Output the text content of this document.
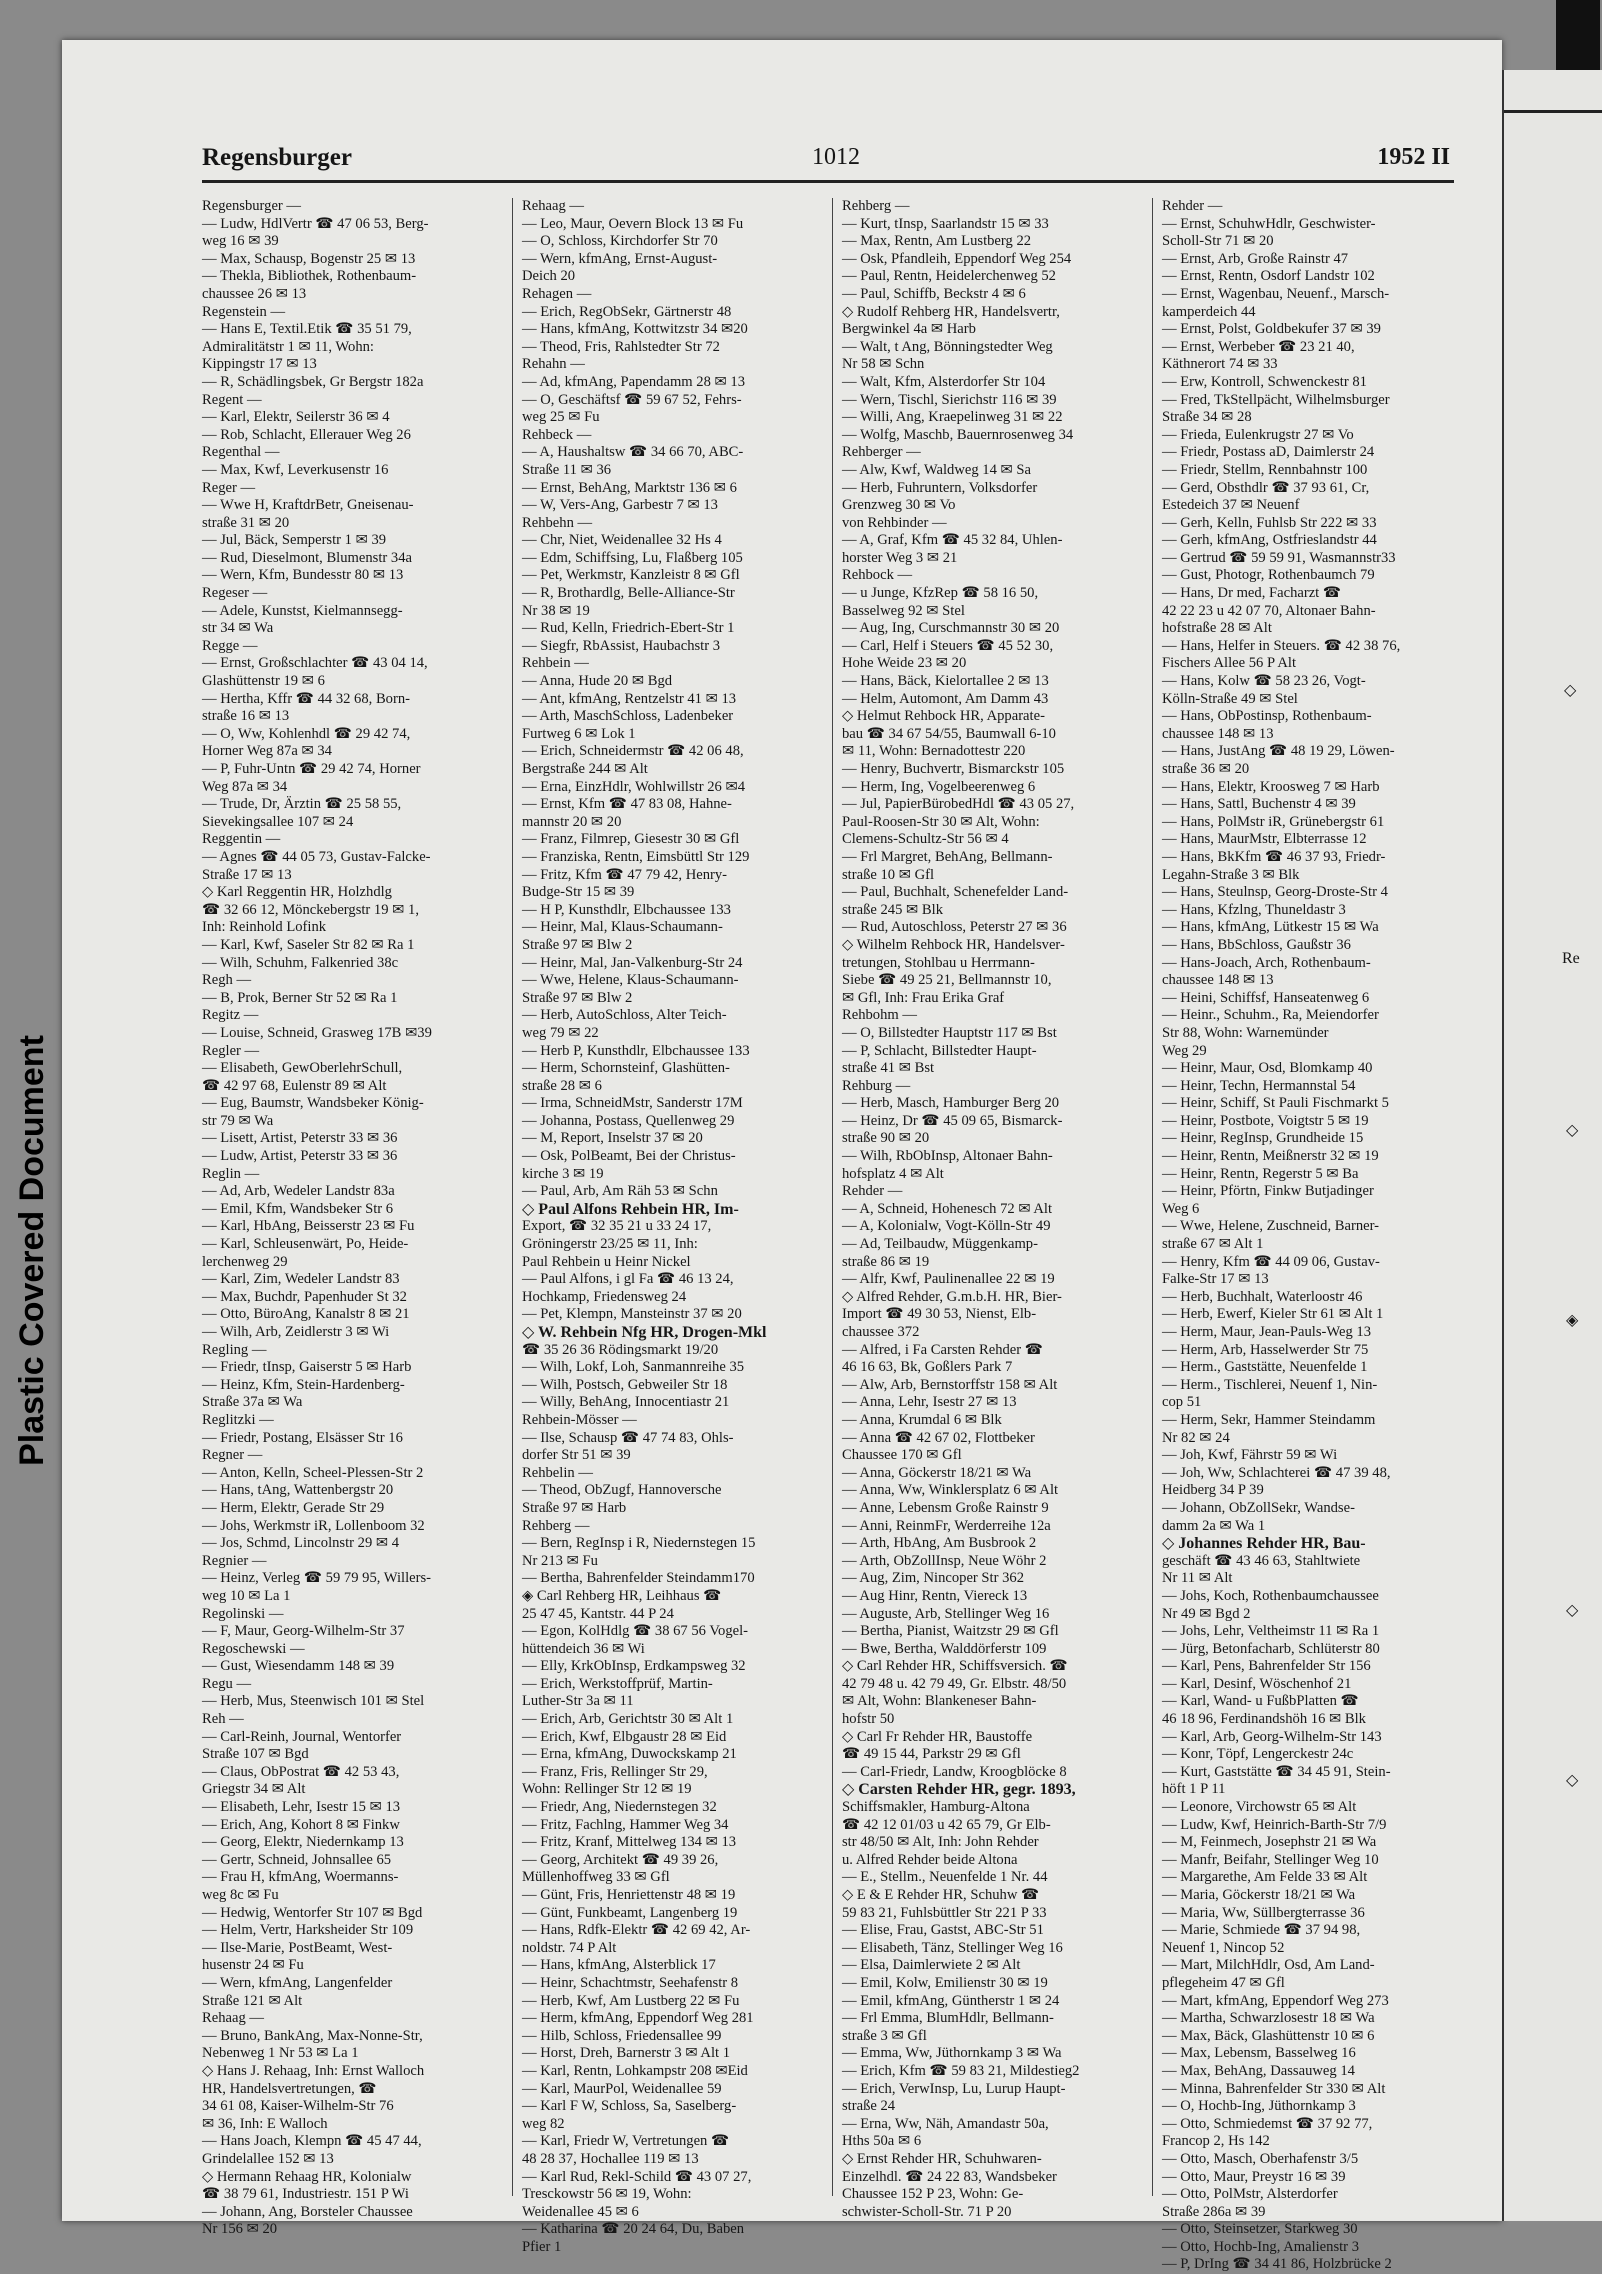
Regensburger	1012	1952 II
Regensburger —
— Ludw, HdlVertr ☎ 47 06 53, Berg-
weg 16 ✉ 39
— Max, Schausp, Bogenstr 25 ✉ 13
— Thekla, Bibliothek, Rothenbaum-
chaussee 26 ✉ 13
Regenstein —
— Hans E, Textil.Etik ☎ 35 51 79,
Admiralitätstr 1 ✉ 11, Wohn:
Kippingstr 17 ✉ 13
— R, Schädlingsbek, Gr Bergstr 182a
Regent —
— Karl, Elektr, Seilerstr 36 ✉ 4
— Rob, Schlacht, Ellerauer Weg 26
Regenthal —
— Max, Kwf, Leverkusenstr 16
Reger —
— Wwe H, KraftdrBetr, Gneisenau-
straße 31 ✉ 20
— Jul, Bäck, Semperstr 1 ✉ 39
— Rud, Dieselmont, Blumenstr 34a
— Wern, Kfm, Bundesstr 80 ✉ 13
Regeser —
— Adele, Kunstst, Kielmannsegg-
str 34 ✉ Wa
Regge —
— Ernst, Großschlachter ☎ 43 04 14,
Glashüttenstr 19 ✉ 6
— Hertha, Kffr ☎ 44 32 68, Born-
straße 16 ✉ 13
— O, Ww, Kohlenhdl ☎ 29 42 74,
Horner Weg 87a ✉ 34
— P, Fuhr-Untn ☎ 29 42 74, Horner
Weg 87a ✉ 34
— Trude, Dr, Ärztin ☎ 25 58 55,
Sievekingsallee 107 ✉ 24
Reggentin —
— Agnes ☎ 44 05 73, Gustav-Falcke-
Straße 17 ✉ 13
◇ Karl Reggentin HR, Holzhdlg
☎ 32 66 12, Mönckebergstr 19 ✉ 1,
Inh: Reinhold Lofink
— Karl, Kwf, Saseler Str 82 ✉ Ra 1
— Wilh, Schuhm, Falkenried 38c
Regh —
— B, Prok, Berner Str 52 ✉ Ra 1
Regitz —
— Louise, Schneid, Grasweg 17B ✉39
Regler —
— Elisabeth, GewOberlehrSchull,
☎ 42 97 68, Eulenstr 89 ✉ Alt
— Eug, Baumstr, Wandsbeker König-
str 79 ✉ Wa
— Lisett, Artist, Peterstr 33 ✉ 36
— Ludw, Artist, Peterstr 33 ✉ 36
Reglin —
— Ad, Arb, Wedeler Landstr 83a
— Emil, Kfm, Wandsbeker Str 6
— Karl, HbAng, Beisserstr 23 ✉ Fu
— Karl, Schleusenwärt, Po, Heide-
lerchenweg 29
— Karl, Zim, Wedeler Landstr 83
— Max, Buchdr, Papenhuder St 32
— Otto, BüroAng, Kanalstr 8 ✉ 21
— Wilh, Arb, Zeidlerstr 3 ✉ Wi
Regling —
— Friedr, tInsp, Gaiserstr 5 ✉ Harb
— Heinz, Kfm, Stein-Hardenberg-
Straße 37a ✉ Wa
Reglitzki —
— Friedr, Postang, Elsässer Str 16
Regner —
— Anton, Kelln, Scheel-Plessen-Str 2
— Hans, tAng, Wattenbergstr 20
— Herm, Elektr, Gerade Str 29
— Johs, Werkmstr iR, Lollenboom 32
— Jos, Schmd, Lincolnstr 29 ✉ 4
Regnier —
— Heinz, Verleg ☎ 59 79 95, Willers-
weg 10 ✉ La 1
Regolinski —
— F, Maur, Georg-Wilhelm-Str 37
Regoschewski —
— Gust, Wiesendamm 148 ✉ 39
Regu —
— Herb, Mus, Steenwisch 101 ✉ Stel
Reh —
— Carl-Reinh, Journal, Wentorfer
Straße 107 ✉ Bgd
— Claus, ObPostrat ☎ 42 53 43,
Griegstr 34 ✉ Alt
— Elisabeth, Lehr, Isestr 15 ✉ 13
— Erich, Ang, Kohort 8 ✉ Finkw
— Georg, Elektr, Niedernkamp 13
— Gertr, Schneid, Johnsallee 65
— Frau H, kfmAng, Woermanns-
weg 8c ✉ Fu
— Hedwig, Wentorfer Str 107 ✉ Bgd
— Helm, Vertr, Harksheider Str 109
— Ilse-Marie, PostBeamt, West-
husenstr 24 ✉ Fu
— Wern, kfmAng, Langenfelder
Straße 121 ✉ Alt
Rehaag —
— Bruno, BankAng, Max-Nonne-Str,
Nebenweg 1 Nr 53 ✉ La 1
◇ Hans J. Rehaag, Inh: Ernst Walloch
HR, Handelsvertretungen, ☎
34 61 08, Kaiser-Wilhelm-Str 76
✉ 36, Inh: E Walloch
— Hans Joach, Klempn ☎ 45 47 44,
Grindelallee 152 ✉ 13
◇ Hermann Rehaag HR, Kolonialw
☎ 38 79 61, Industriestr. 151 P Wi
— Johann, Ang, Borsteler Chaussee
Nr 156 ✉ 20
Rehaag —
— Leo, Maur, Oevern Block 13 ✉ Fu
— O, Schloss, Kirchdorfer Str 70
— Wern, kfmAng, Ernst-August-
Deich 20
Rehagen —
— Erich, RegObSekr, Gärtnerstr 48
— Hans, kfmAng, Kottwitzstr 34 ✉20
— Theod, Fris, Rahlstedter Str 72
Rehahn —
— Ad, kfmAng, Papendamm 28 ✉ 13
— O, Geschäftsf ☎ 59 67 52, Fehrs-
weg 25 ✉ Fu
Rehbeck —
— A, Haushaltsw ☎ 34 66 70, ABC-
Straße 11 ✉ 36
— Ernst, BehAng, Marktstr 136 ✉ 6
— W, Vers-Ang, Garbestr 7 ✉ 13
Rehbehn —
— Chr, Niet, Weidenallee 32 Hs 4
— Edm, Schiffsing, Lu, Flaßberg 105
— Pet, Werkmstr, Kanzleistr 8 ✉ Gfl
— R, Brothardlg, Belle-Alliance-Str
Nr 38 ✉ 19
— Rud, Kelln, Friedrich-Ebert-Str 1
— Siegfr, RbAssist, Haubachstr 3
Rehbein —
— Anna, Hude 20 ✉ Bgd
— Ant, kfmAng, Rentzelstr 41 ✉ 13
— Arth, MaschSchloss, Ladenbeker
Furtweg 6 ✉ Lok 1
— Erich, Schneidermstr ☎ 42 06 48,
Bergstraße 244 ✉ Alt
— Erna, EinzHdlr, Wohlwillstr 26 ✉4
— Ernst, Kfm ☎ 47 83 08, Hahne-
mannstr 20 ✉ 20
— Franz, Filmrep, Giesestr 30 ✉ Gfl
— Franziska, Rentn, Eimsbüttl Str 129
— Fritz, Kfm ☎ 47 79 42, Henry-
Budge-Str 15 ✉ 39
— H P, Kunsthdlr, Elbchaussee 133
— Heinr, Mal, Klaus-Schaumann-
Straße 97 ✉ Blw 2
— Heinr, Mal, Jan-Valkenburg-Str 24
— Wwe, Helene, Klaus-Schaumann-
Straße 97 ✉ Blw 2
— Herb, AutoSchloss, Alter Teich-
weg 79 ✉ 22
— Herb P, Kunsthdlr, Elbchaussee 133
— Herm, Schornsteinf, Glashütten-
straße 28 ✉ 6
— Irma, SchneidMstr, Sanderstr 17M
— Johanna, Postass, Quellenweg 29
— M, Report, Inselstr 37 ✉ 20
— Osk, PolBeamt, Bei der Christus-
kirche 3 ✉ 19
— Paul, Arb, Am Räh 53 ✉ Schn
◇ Paul Alfons Rehbein HR, Im-
Export, ☎ 32 35 21 u 33 24 17,
Gröningerstr 23/25 ✉ 11, Inh:
Paul Rehbein u Heinr Nickel
— Paul Alfons, i gl Fa ☎ 46 13 24,
Hochkamp, Friedensweg 24
— Pet, Klempn, Mansteinstr 37 ✉ 20
◇ W. Rehbein Nfg HR, Drogen-Mkl
☎ 35 26 36 Rödingsmarkt 19/20
— Wilh, Lokf, Loh, Sanmannreihe 35
— Wilh, Postsch, Gebweiler Str 18
— Willy, BehAng, Innocentiastr 21
Rehbein-Mösser —
— Ilse, Schausp ☎ 47 74 83, Ohls-
dorfer Str 51 ✉ 39
Rehbelin —
— Theod, ObZugf, Hannoversche
Straße 97 ✉ Harb
Rehberg —
— Bern, RegInsp i R, Niedernstegen 15
Nr 213 ✉ Fu
— Bertha, Bahrenfelder Steindamm170
◈ Carl Rehberg HR, Leihhaus ☎
25 47 45, Kantstr. 44 P 24
— Egon, KolHdlg ☎ 38 67 56 Vogel-
hüttendeich 36 ✉ Wi
— Elly, KrkObInsp, Erdkampsweg 32
— Erich, Werkstoffprüf, Martin-
Luther-Str 3a ✉ 11
— Erich, Arb, Gerichtstr 30 ✉ Alt 1
— Erich, Kwf, Elbgaustr 28 ✉ Eid
— Erna, kfmAng, Duwockskamp 21
— Franz, Fris, Rellinger Str 29,
Wohn: Rellinger Str 12 ✉ 19
— Friedr, Ang, Niedernstegen 32
— Fritz, Fachlng, Hammer Weg 34
— Fritz, Kranf, Mittelweg 134 ✉ 13
— Georg, Architekt ☎ 49 39 26,
Müllenhoffweg 33 ✉ Gfl
— Günt, Fris, Henriettenstr 48 ✉ 19
— Günt, Funkbeamt, Langenberg 19
— Hans, Rdfk-Elektr ☎ 42 69 42, Ar-
noldstr. 74 P Alt
— Hans, kfmAng, Alsterblick 17
— Heinr, Schachtmstr, Seehafenstr 8
— Herb, Kwf, Am Lustberg 22 ✉ Fu
— Herm, kfmAng, Eppendorf Weg 281
— Hilb, Schloss, Friedensallee 99
— Horst, Dreh, Barnerstr 3 ✉ Alt 1
— Karl, Rentn, Lohkampstr 208 ✉Eid
— Karl, MaurPol, Weidenallee 59
— Karl F W, Schloss, Sa, Saselberg-
weg 82
— Karl, Friedr W, Vertretungen ☎
48 28 37, Hochallee 119 ✉ 13
— Karl Rud, Rekl-Schild ☎ 43 07 27,
Tresckowstr 56 ✉ 19, Wohn:
Weidenallee 45 ✉ 6
— Katharina ☎ 20 24 64, Du, Baben
Pfier 1
Rehberg —
— Kurt, tInsp, Saarlandstr 15 ✉ 33
— Max, Rentn, Am Lustberg 22
— Osk, Pfandleih, Eppendorf Weg 254
— Paul, Rentn, Heidelerchenweg 52
— Paul, Schiffb, Beckstr 4 ✉ 6
◇ Rudolf Rehberg HR, Handelsvertr,
Bergwinkel 4a ✉ Harb
— Walt, t Ang, Bönningstedter Weg
Nr 58 ✉ Schn
— Walt, Kfm, Alsterdorfer Str 104
— Wern, Tischl, Sierichstr 116 ✉ 39
— Willi, Ang, Kraepelinweg 31 ✉ 22
— Wolfg, Maschb, Bauernrosenweg 34
Rehberger —
— Alw, Kwf, Waldweg 14 ✉ Sa
— Herb, Fuhruntern, Volksdorfer
Grenzweg 30 ✉ Vo
von Rehbinder —
— A, Graf, Kfm ☎ 45 32 84, Uhlen-
horster Weg 3 ✉ 21
Rehbock —
— u Junge, KfzRep ☎ 58 16 50,
Basselweg 92 ✉ Stel
— Aug, Ing, Curschmannstr 30 ✉ 20
— Carl, Helf i Steuers ☎ 45 52 30,
Hohe Weide 23 ✉ 20
— Hans, Bäck, Kielortallee 2 ✉ 13
— Helm, Automont, Am Damm 43
◇ Helmut Rehbock HR, Apparate-
bau ☎ 34 67 54/55, Baumwall 6-10
✉ 11, Wohn: Bernadottestr 220
— Henry, Buchvertr, Bismarckstr 105
— Herm, Ing, Vogelbeerenweg 6
— Jul, PapierBürobedHdl ☎ 43 05 27,
Paul-Roosen-Str 30 ✉ Alt, Wohn:
Clemens-Schultz-Str 56 ✉ 4
— Frl Margret, BehAng, Bellmann-
straße 10 ✉ Gfl
— Paul, Buchhalt, Schenefelder Land-
straße 245 ✉ Blk
— Rud, Autoschloss, Peterstr 27 ✉ 36
◇ Wilhelm Rehbock HR, Handelsver-
tretungen, Stohlbau u Herrmann-
Siebe ☎ 49 25 21, Bellmannstr 10,
✉ Gfl, Inh: Frau Erika Graf
Rehbohm —
— O, Billstedter Hauptstr 117 ✉ Bst
— P, Schlacht, Billstedter Haupt-
straße 41 ✉ Bst
Rehburg —
— Herb, Masch, Hamburger Berg 20
— Heinz, Dr ☎ 45 09 65, Bismarck-
straße 90 ✉ 20
— Wilh, RbObInsp, Altonaer Bahn-
hofsplatz 4 ✉ Alt
Rehder —
— A, Schneid, Hohenesch 72 ✉ Alt
— A, Kolonialw, Vogt-Kölln-Str 49
— Ad, Teilbaudw, Müggenkamp-
straße 86 ✉ 19
— Alfr, Kwf, Paulinenallee 22 ✉ 19
◇ Alfred Rehder, G.m.b.H. HR, Bier-
Import ☎ 49 30 53, Nienst, Elb-
chaussee 372
— Alfred, i Fa Carsten Rehder ☎
46 16 63, Bk, Goßlers Park 7
— Alw, Arb, Bernstorffstr 158 ✉ Alt
— Anna, Lehr, Isestr 27 ✉ 13
— Anna, Krumdal 6 ✉ Blk
— Anna ☎ 42 67 02, Flottbeker
Chaussee 170 ✉ Gfl
— Anna, Göckerstr 18/21 ✉ Wa
— Anna, Ww, Winklersplatz 6 ✉ Alt
— Anne, Lebensm Große Rainstr 9
— Anni, ReinmFr, Werderreihe 12a
— Arth, HbAng, Am Busbrook 2
— Arth, ObZollInsp, Neue Wöhr 2
— Aug, Zim, Nincoper Str 362
— Aug Hinr, Rentn, Viereck 13
— Auguste, Arb, Stellinger Weg 16
— Bertha, Pianist, Waitzstr 29 ✉ Gfl
— Bwe, Bertha, Walddörferstr 109
◇ Carl Rehder HR, Schiffsversich. ☎
42 79 48 u. 42 79 49, Gr. Elbstr. 48/50
✉ Alt, Wohn: Blankeneser Bahn-
hofstr 50
◇ Carl Fr Rehder HR, Baustoffe
☎ 49 15 44, Parkstr 29 ✉ Gfl
— Carl-Friedr, Landw, Kroogblöcke 8
◇ Carsten Rehder HR, gegr. 1893,
Schiffsmakler, Hamburg-Altona
☎ 42 12 01/03 u 42 65 79, Gr Elb-
str 48/50 ✉ Alt, Inh: John Rehder
u. Alfred Rehder beide Altona
— E., Stellm., Neuenfelde 1 Nr. 44
◇ E & E Rehder HR, Schuhw ☎
59 83 21, Fuhlsbüttler Str 221 P 33
— Elise, Frau, Gastst, ABC-Str 51
— Elisabeth, Tänz, Stellinger Weg 16
— Elsa, Daimlerwiete 2 ✉ Alt
— Emil, Kolw, Emilienstr 30 ✉ 19
— Emil, kfmAng, Güntherstr 1 ✉ 24
— Frl Emma, BlumHdlr, Bellmann-
straße 3 ✉ Gfl
— Emma, Ww, Jüthornkamp 3 ✉ Wa
— Erich, Kfm ☎ 59 83 21, Mildestieg2
— Erich, VerwInsp, Lu, Lurup Haupt-
straße 24
— Erna, Ww, Näh, Amandastr 50a,
Hths 50a ✉ 6
◇ Ernst Rehder HR, Schuhwaren-
Einzelhdl. ☎ 24 22 83, Wandsbeker
Chaussee 152 P 23, Wohn: Ge-
schwister-Scholl-Str. 71 P 20
Rehder —
— Ernst, SchuhwHdlr, Geschwister-
Scholl-Str 71 ✉ 20
— Ernst, Arb, Große Rainstr 47
— Ernst, Rentn, Osdorf Landstr 102
— Ernst, Wagenbau, Neuenf., Marsch-
kamperdeich 44
— Ernst, Polst, Goldbekufer 37 ✉ 39
— Ernst, Werbeber ☎ 23 21 40,
Käthnerort 74 ✉ 33
— Erw, Kontroll, Schwenckestr 81
— Fred, TkStellpächt, Wilhelmsburger
Straße 34 ✉ 28
— Frieda, Eulenkrugstr 27 ✉ Vo
— Friedr, Postass aD, Daimlerstr 24
— Friedr, Stellm, Rennbahnstr 100
— Gerd, Obsthdlr ☎ 37 93 61, Cr,
Estedeich 37 ✉ Neuenf
— Gerh, Kelln, Fuhlsb Str 222 ✉ 33
— Gerh, kfmAng, Ostfrieslandstr 44
— Gertrud ☎ 59 59 91, Wasmannstr33
— Gust, Photogr, Rothenbaumch 79
— Hans, Dr med, Facharzt ☎
42 22 23 u 42 07 70, Altonaer Bahn-
hofstraße 28 ✉ Alt
— Hans, Helfer in Steuers. ☎ 42 38 76,
Fischers Allee 56 P Alt
— Hans, Kolw ☎ 58 23 26, Vogt-
Kölln-Straße 49 ✉ Stel
— Hans, ObPostinsp, Rothenbaum-
chaussee 148 ✉ 13
— Hans, JustAng ☎ 48 19 29, Löwen-
straße 36 ✉ 20
— Hans, Elektr, Kroosweg 7 ✉ Harb
— Hans, Sattl, Buchenstr 4 ✉ 39
— Hans, PolMstr iR, Grünebergstr 61
— Hans, MaurMstr, Elbterrasse 12
— Hans, BkKfm ☎ 46 37 93, Friedr-
Legahn-Straße 3 ✉ Blk
— Hans, Steulnsp, Georg-Droste-Str 4
— Hans, Kfzlng, Thuneldastr 3
— Hans, kfmAng, Lütkestr 15 ✉ Wa
— Hans, BbSchloss, Gaußstr 36
— Hans-Joach, Arch, Rothenbaum-
chaussee 148 ✉ 13
— Heini, Schiffsf, Hanseatenweg 6
— Heinr., Schuhm., Ra, Meiendorfer
Str 88, Wohn: Warnemünder
Weg 29
— Heinr, Maur, Osd, Blomkamp 40
— Heinr, Techn, Hermannstal 54
— Heinr, Schiff, St Pauli Fischmarkt 5
— Heinr, Postbote, Voigtstr 5 ✉ 19
— Heinr, RegInsp, Grundheide 15
— Heinr, Rentn, Meißnerstr 32 ✉ 19
— Heinr, Rentn, Regerstr 5 ✉ Ba
— Heinr, Pförtn, Finkw Butjadinger
Weg 6
— Wwe, Helene, Zuschneid, Barner-
straße 67 ✉ Alt 1
— Henry, Kfm ☎ 44 09 06, Gustav-
Falke-Str 17 ✉ 13
— Herb, Buchhalt, Waterloostr 46
— Herb, Ewerf, Kieler Str 61 ✉ Alt 1
— Herm, Maur, Jean-Pauls-Weg 13
— Herm, Arb, Hasselwerder Str 75
— Herm., Gaststätte, Neuenfelde 1
— Herm., Tischlerei, Neuenf 1, Nin-
cop 51
— Herm, Sekr, Hammer Steindamm
Nr 82 ✉ 24
— Joh, Kwf, Fährstr 59 ✉ Wi
— Joh, Ww, Schlachterei ☎ 47 39 48,
Heidberg 34 P 39
— Johann, ObZollSekr, Wandse-
damm 2a ✉ Wa 1
◇ Johannes Rehder HR, Bau-
geschäft ☎ 43 46 63, Stahltwiete
Nr 11 ✉ Alt
— Johs, Koch, Rothenbaumchaussee
Nr 49 ✉ Bgd 2
— Johs, Lehr, Veltheimstr 11 ✉ Ra 1
— Jürg, Betonfacharb, Schlüterstr 80
— Karl, Pens, Bahrenfelder Str 156
— Karl, Desinf, Wöschenhof 21
— Karl, Wand- u FußbPlatten ☎
46 18 96, Ferdinandshöh 16 ✉ Blk
— Karl, Arb, Georg-Wilhelm-Str 143
— Konr, Töpf, Lengerckestr 24c
— Kurt, Gaststätte ☎ 34 45 91, Stein-
höft 1 P 11
— Leonore, Virchowstr 65 ✉ Alt
— Ludw, Kwf, Heinrich-Barth-Str 7/9
— M, Feinmech, Josephstr 21 ✉ Wa
— Manfr, Beifahr, Stellinger Weg 10
— Margarethe, Am Felde 33 ✉ Alt
— Maria, Göckerstr 18/21 ✉ Wa
— Maria, Ww, Süllbergterrasse 36
— Marie, Schmiede ☎ 37 94 98,
Neuenf 1, Nincop 52
— Mart, MilchHdlr, Osd, Am Land-
pflegeheim 47 ✉ Gfl
— Mart, kfmAng, Eppendorf Weg 273
— Martha, Schwarzlosestr 18 ✉ Wa
— Max, Bäck, Glashüttenstr 10 ✉ 6
— Max, Lebensm, Basselweg 16
— Max, BehAng, Dassauweg 14
— Minna, Bahrenfelder Str 330 ✉ Alt
— O, Hochb-Ing, Jüthornkamp 3
— Otto, Schmiedemst ☎ 37 92 77,
Francop 2, Hs 142
— Otto, Masch, Oberhafenstr 3/5
— Otto, Maur, Preystr 16 ✉ 39
— Otto, PolMstr, Alsterdorfer
Straße 286a ✉ 39
— Otto, Steinsetzer, Starkweg 30
— Otto, Hochb-Ing, Amalienstr 3
— P, DrIng ☎ 34 41 86, Holzbrücke 2
Re
◇
◇
◈
◇
◇
Plastic Covered Document
